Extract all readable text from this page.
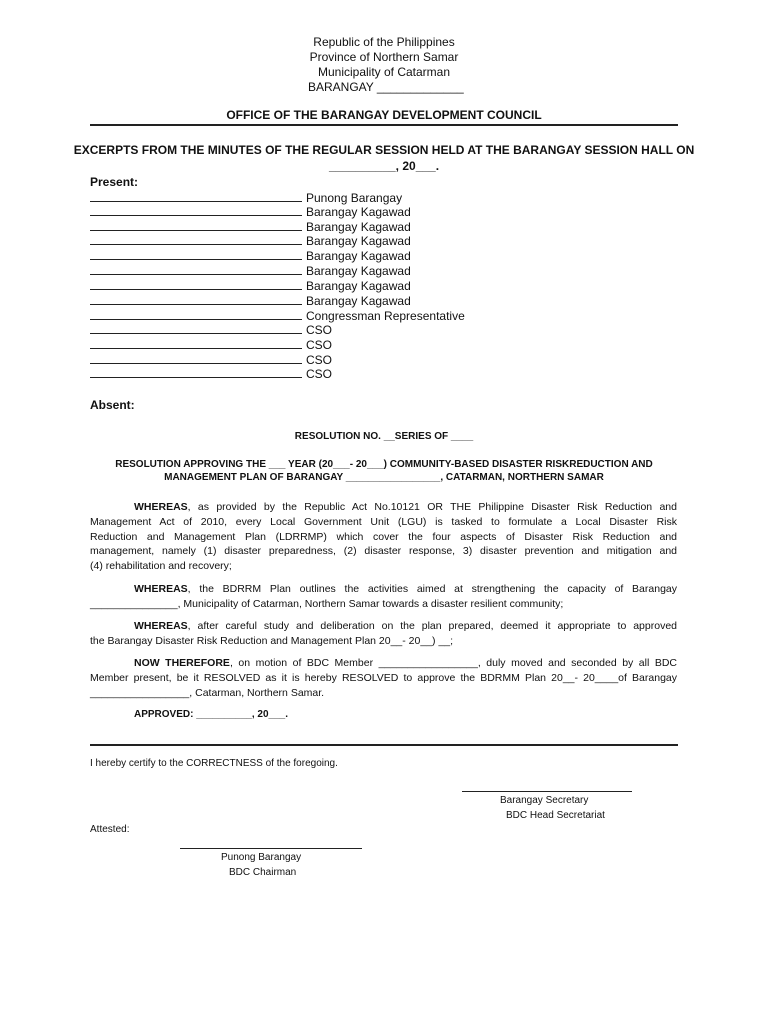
Republic of the Philippines
Province of Northern Samar
Municipality of Catarman
BARANGAY _____________
OFFICE OF THE BARANGAY DEVELOPMENT COUNCIL
EXCERPTS FROM THE MINUTES OF THE REGULAR SESSION HELD AT THE BARANGAY SESSION HALL ON
__________, 20___.
Present:
Punong Barangay
Barangay Kagawad
Barangay Kagawad
Barangay Kagawad
Barangay Kagawad
Barangay Kagawad
Barangay Kagawad
Barangay Kagawad
Congressman Representative
CSO
CSO
CSO
CSO
Absent:
RESOLUTION NO. __SERIES OF ____
RESOLUTION APPROVING THE ___ YEAR (20___- 20___) COMMUNITY-BASED DISASTER RISKREDUCTION AND
MANAGEMENT PLAN OF BARANGAY _________________, CATARMAN, NORTHERN SAMAR
WHEREAS, as provided by the Republic Act No.10121 OR THE Philippine Disaster Risk Reduction and
Management Act of 2010, every Local Government Unit (LGU) is tasked to formulate a Local Disaster Risk
Reduction and Management Plan (LDRRMP) which cover the four aspects of Disaster Risk Reduction and
management, namely (1) disaster preparedness, (2) disaster response, 3) disaster prevention and mitigation and
(4) rehabilitation and recovery;
WHEREAS, the BDRRM Plan outlines the activities aimed at strengthening the capacity of Barangay
_______________, Municipality of Catarman, Northern Samar towards a disaster resilient community;
WHEREAS, after careful study and deliberation on the plan prepared, deemed it appropriate to approved
the Barangay Disaster Risk Reduction and Management Plan 20__- 20__) __;
NOW THEREFORE, on motion of BDC Member _________________, duly moved and seconded by all BDC
Member present, be it RESOLVED as it is hereby RESOLVED to approve the BDRMM Plan 20__- 20____of Barangay
_________________, Catarman, Northern Samar.
APPROVED: __________, 20___.
I hereby certify to the CORRECTNESS of the foregoing.
Barangay Secretary
BDC Head Secretariat
Attested:
Punong Barangay
BDC Chairman
